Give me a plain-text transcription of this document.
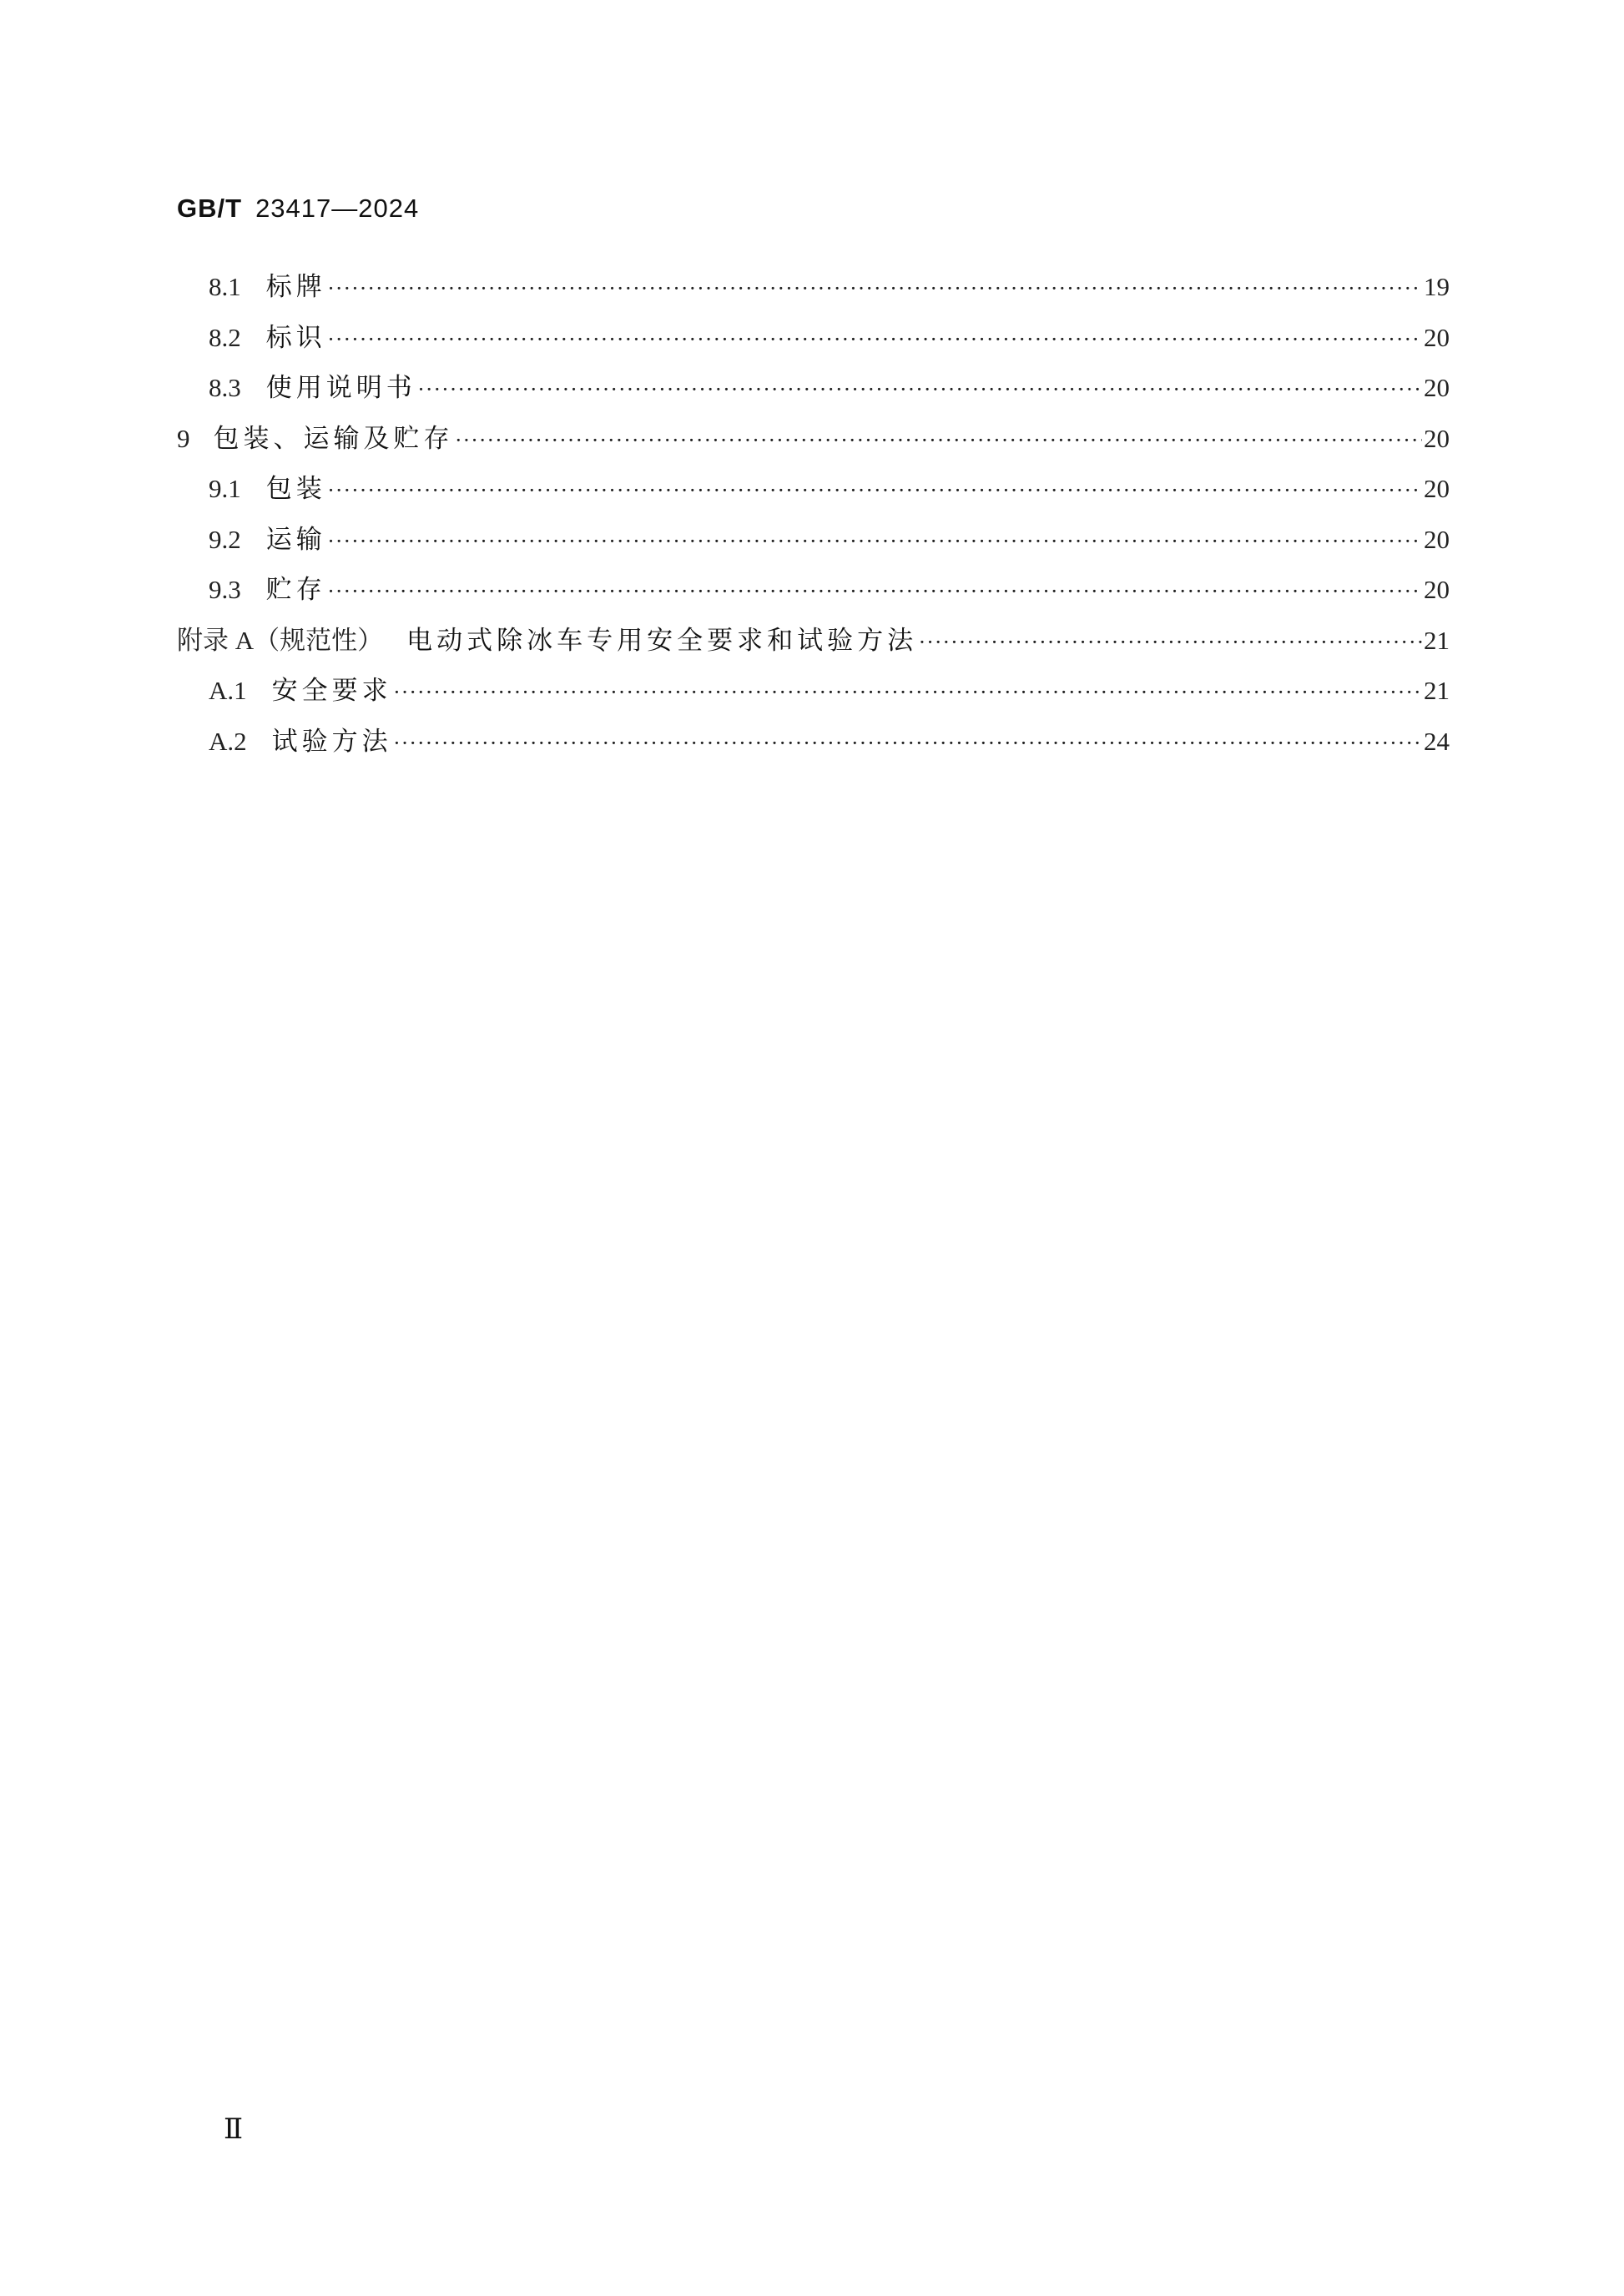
GB/T 23417—2024
8.1 标牌 ·····	19
8.2 标识 ·····	20
8.3 使用说明书 ·····	20
9 包装、运输及贮存 ·····	20
9.1 包装 ·····	20
9.2 运输 ·····	20
9.3 贮存 ·····	20
附录 A（规范性） 电动式除冰车专用安全要求和试验方法 ·····	21
A.1 安全要求 ·····	21
A.2 试验方法 ·····	24
Ⅱ
